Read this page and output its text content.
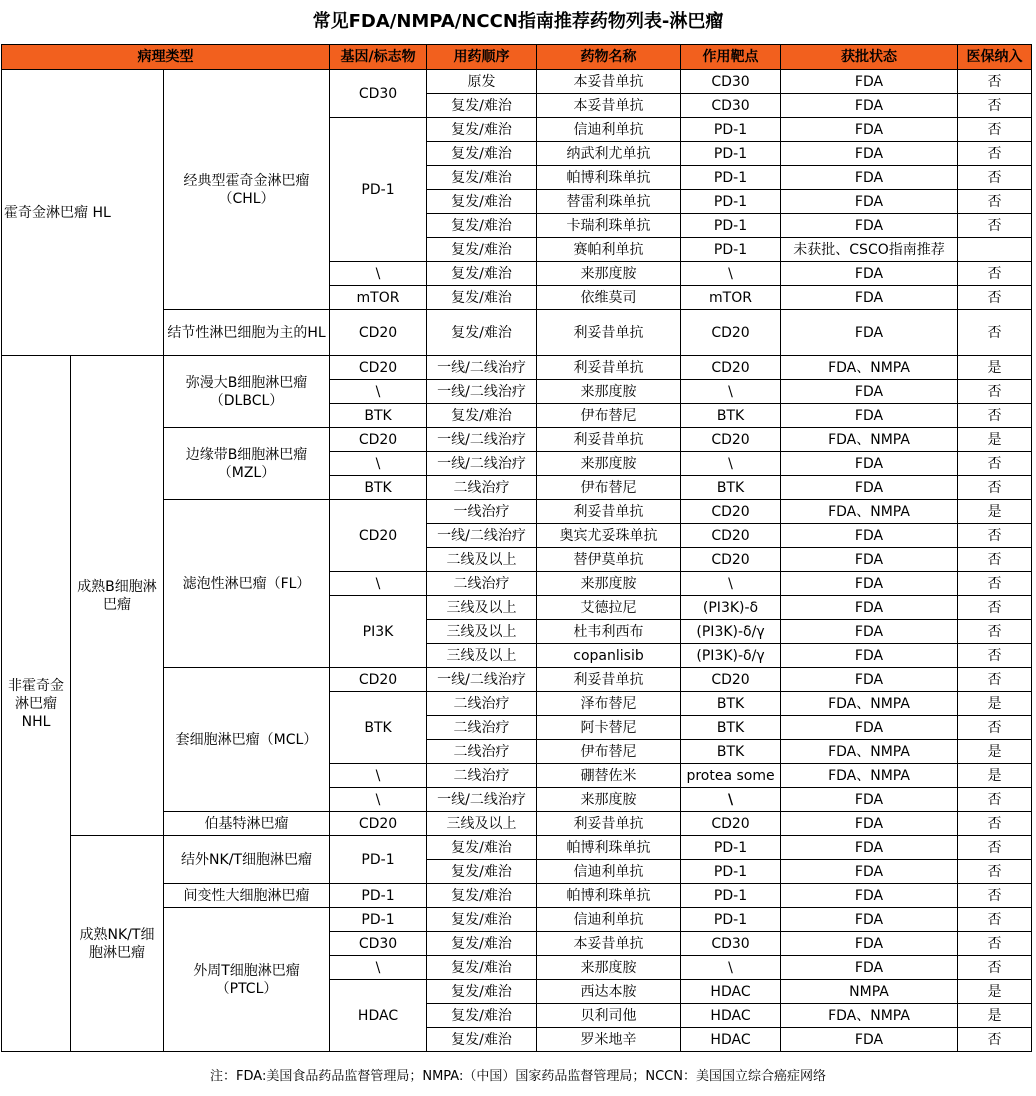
常见FDA/NMPA/NCCN指南推荐药物列表-淋巴瘤
病理类型			基因/标志物	用药顺序	药物名称	作用靶点	获批状态	医保纳入
霍奇金淋巴瘤 HL		经典型霍奇金淋巴瘤（CHL）	CD30	原发	本妥昔单抗	CD30	FDA	否
				复发/难治	本妥昔单抗	CD30	FDA	否
			PD-1	复发/难治	信迪利单抗	PD-1	FDA	否
				复发/难治	纳武利尤单抗	PD-1	FDA	否
				复发/难治	帕博利珠单抗	PD-1	FDA	否
				复发/难治	替雷利珠单抗	PD-1	FDA	否
				复发/难治	卡瑞利珠单抗	PD-1	FDA	否
				复发/难治	赛帕利单抗	PD-1	未获批、CSCO指南推荐	
			\	复发/难治	来那度胺	\	FDA	否
			mTOR	复发/难治	依维莫司	mTOR	FDA	否
		结节性淋巴细胞为主的HL	CD20	复发/难治	利妥昔单抗	CD20	FDA	否
非霍奇金淋巴瘤 NHL	成熟B细胞淋巴瘤	弥漫大B细胞淋巴瘤（DLBCL）	CD20	一线/二线治疗	利妥昔单抗	CD20	FDA、NMPA	是
			\	一线/二线治疗	来那度胺	\	FDA	否
			BTK	复发/难治	伊布替尼	BTK	FDA	否
		边缘带B细胞淋巴瘤（MZL）	CD20	一线/二线治疗	利妥昔单抗	CD20	FDA、NMPA	是
			\	一线/二线治疗	来那度胺	\	FDA	否
			BTK	二线治疗	伊布替尼	BTK	FDA	否
		滤泡性淋巴瘤（FL）	CD20	一线治疗	利妥昔单抗	CD20	FDA、NMPA	是
				一线/二线治疗	奥宾尤妥珠单抗	CD20	FDA	否
				二线及以上	替伊莫单抗	CD20	FDA	否
			\	二线治疗	来那度胺	\	FDA	否
			PI3K	三线及以上	艾德拉尼	(PI3K)-δ	FDA	否
				三线及以上	杜韦利西布	(PI3K)-δ/γ	FDA	否
				三线及以上	copanlisib	(PI3K)-δ/γ	FDA	否
		套细胞淋巴瘤（MCL）	CD20	一线/二线治疗	利妥昔单抗	CD20	FDA	否
			BTK	二线治疗	泽布替尼	BTK	FDA、NMPA	是
				二线治疗	阿卡替尼	BTK	FDA	否
				二线治疗	伊布替尼	BTK	FDA、NMPA	是
			\	二线治疗	硼替佐米	protea some	FDA、NMPA	是
			\	一线/二线治疗	来那度胺	\	FDA	否
		伯基特淋巴瘤	CD20	三线及以上	利妥昔单抗	CD20	FDA	否
	成熟NK/T细胞淋巴瘤	结外NK/T细胞淋巴瘤	PD-1	复发/难治	帕博利珠单抗	PD-1	FDA	否
				复发/难治	信迪利单抗	PD-1	FDA	否
		间变性大细胞淋巴瘤	PD-1	复发/难治	帕博利珠单抗	PD-1	FDA	否
		外周T细胞淋巴瘤（PTCL）	PD-1	复发/难治	信迪利单抗	PD-1	FDA	否
			CD30	复发/难治	本妥昔单抗	CD30	FDA	否
			\	复发/难治	来那度胺	\	FDA	否
			HDAC	复发/难治	西达本胺	HDAC	NMPA	是
				复发/难治	贝利司他	HDAC	FDA、NMPA	是
				复发/难治	罗米地辛	HDAC	FDA	否
注：FDA:美国食品药品监督管理局；NMPA:（中国）国家药品监督管理局；NCCN：美国国立综合癌症网络
